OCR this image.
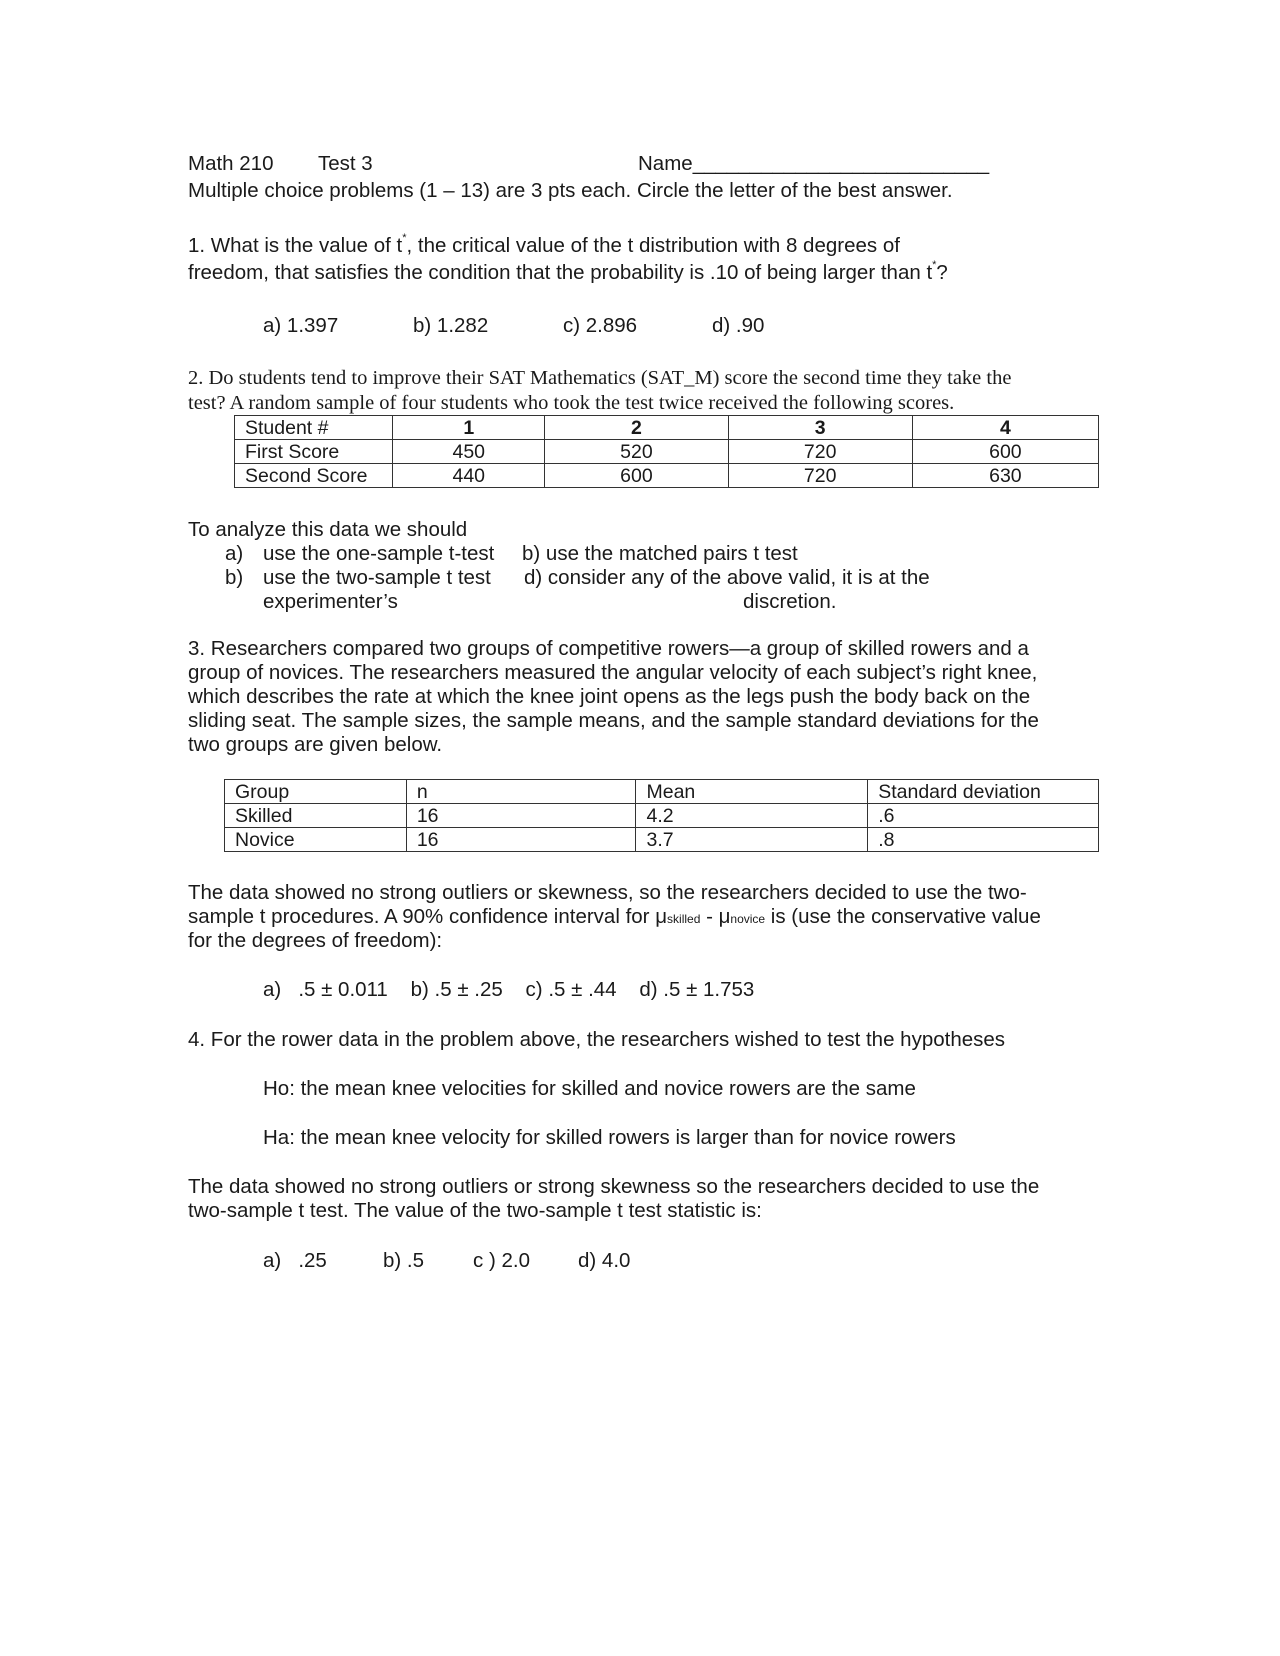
Math 210 Test 3	Name__________________________
Multiple choice problems (1 – 13) are 3 pts each. Circle the letter of the best answer.
1. What is the value of t*, the critical value of the t distribution with 8 degrees of
freedom, that satisfies the condition that the probability is .10 of being larger than t*?
a) 1.397	b) 1.282	c) 2.896	d) .90
2. Do students tend to improve their SAT Mathematics (SAT_M) score the second time they take the
test? A random sample of four students who took the test twice received the following scores.
Student #	1	2	3	4
First Score	450	520	720	600
Second Score	440	600	720	630
To analyze this data we should
a) use the one-sample t-test b) use the matched pairs t test
b) use the two-sample t test d) consider any of the above valid, it is at the
experimenter’s	discretion.
3. Researchers compared two groups of competitive rowers—a group of skilled rowers and a
group of novices. The researchers measured the angular velocity of each subject’s right knee,
which describes the rate at which the knee joint opens as the legs push the body back on the
sliding seat. The sample sizes, the sample means, and the sample standard deviations for the
two groups are given below.
Group	n	Mean	Standard deviation
Skilled	16	4.2	.6
Novice	16	3.7	.8
The data showed no strong outliers or skewness, so the researchers decided to use the two-
sample t procedures. A 90% confidence interval for μskilled - μnovice is (use the conservative value
for the degrees of freedom):
a)   .5 ± 0.011    b) .5 ± .25    c) .5 ± .44    d) .5 ± 1.753
4. For the rower data in the problem above, the researchers wished to test the hypotheses
Ho: the mean knee velocities for skilled and novice rowers are the same
Ha: the mean knee velocity for skilled rowers is larger than for novice rowers
The data showed no strong outliers or strong skewness so the researchers decided to use the
two-sample t test. The value of the two-sample t test statistic is:
a)   .25	b) .5 c ) 2.0 d) 4.0
